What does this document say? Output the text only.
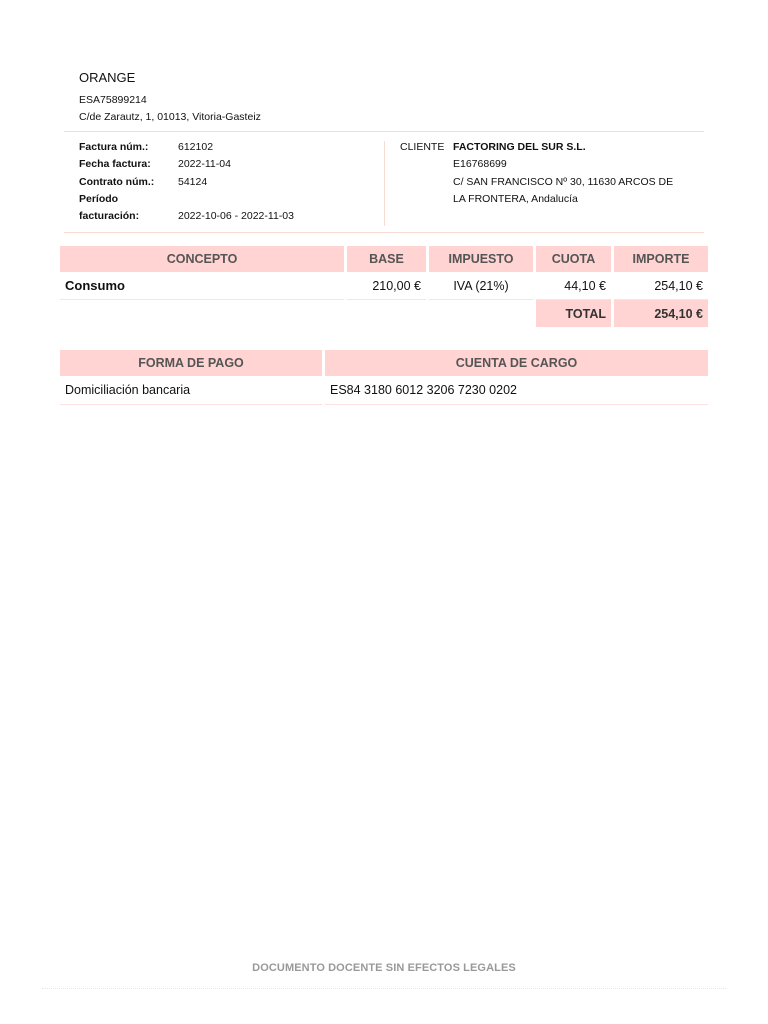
ORANGE
ESA75899214
C/de Zarautz, 1, 01013, Vitoria-Gasteiz
Factura núm.:	612102
Fecha factura:	2022-11-04
Contrato núm.:	54124
Período
facturación:	2022-10-06 - 2022-11-03
CLIENTE FACTORING DEL SUR S.L.
E16768699
C/ SAN FRANCISCO Nº 30, 11630 ARCOS DE
LA FRONTERA, Andalucía
CONCEPTO	BASE	IMPUESTO	CUOTA	IMPORTE
Consumo	210,00 €	IVA (21%)	44,10 €	254,10 €
			TOTAL	254,10 €
FORMA DE PAGO	CUENTA DE CARGO
Domiciliación bancaria	ES84 3180 6012 3206 7230 0202
DOCUMENTO DOCENTE SIN EFECTOS LEGALES
